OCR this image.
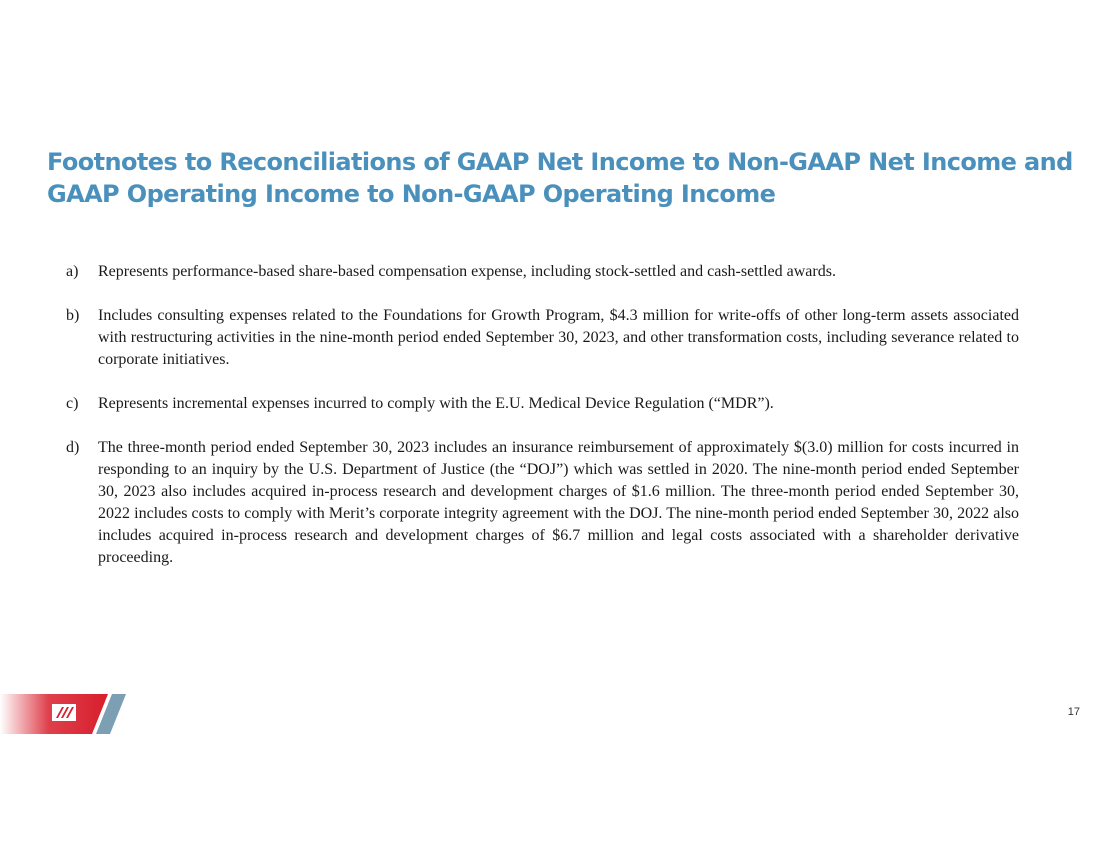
Footnotes to Reconciliations of GAAP Net Income to Non-GAAP Net Income and
GAAP Operating Income to Non-GAAP Operating Income
a) Represents performance-based share-based compensation expense, including stock-settled and cash-settled awards.
b) Includes consulting expenses related to the Foundations for Growth Program, $4.3 million for write-offs of other long-term assets associated with restructuring activities in the nine-month period ended September 30, 2023, and other transformation costs, including severance related to corporate initiatives.
c) Represents incremental expenses incurred to comply with the E.U. Medical Device Regulation (“MDR”).
d) The three-month period ended September 30, 2023 includes an insurance reimbursement of approximately $(3.0) million for costs incurred in responding to an inquiry by the U.S. Department of Justice (the “DOJ”) which was settled in 2020. The nine-month period ended September 30, 2023 also includes acquired in-process research and development charges of $1.6 million. The three-month period ended September 30, 2022 includes costs to comply with Merit’s corporate integrity agreement with the DOJ. The nine-month period ended September 30, 2022 also includes acquired in-process research and development charges of $6.7 million and legal costs associated with a shareholder derivative proceeding.
17
